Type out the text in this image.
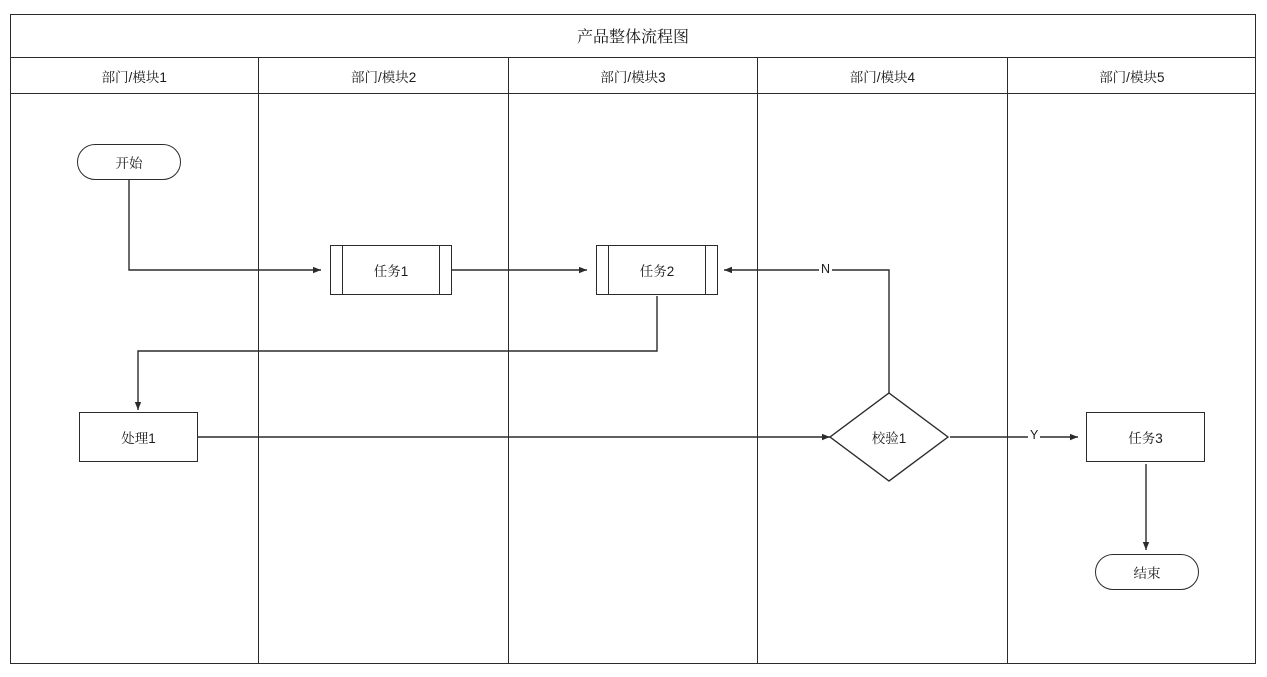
产品整体流程图
部门/模块1	部门/模块2	部门/模块3	部门/模块4	部门/模块5
开始
任务1	任务2
处理1	校验1	任务3
结束
N
Y
